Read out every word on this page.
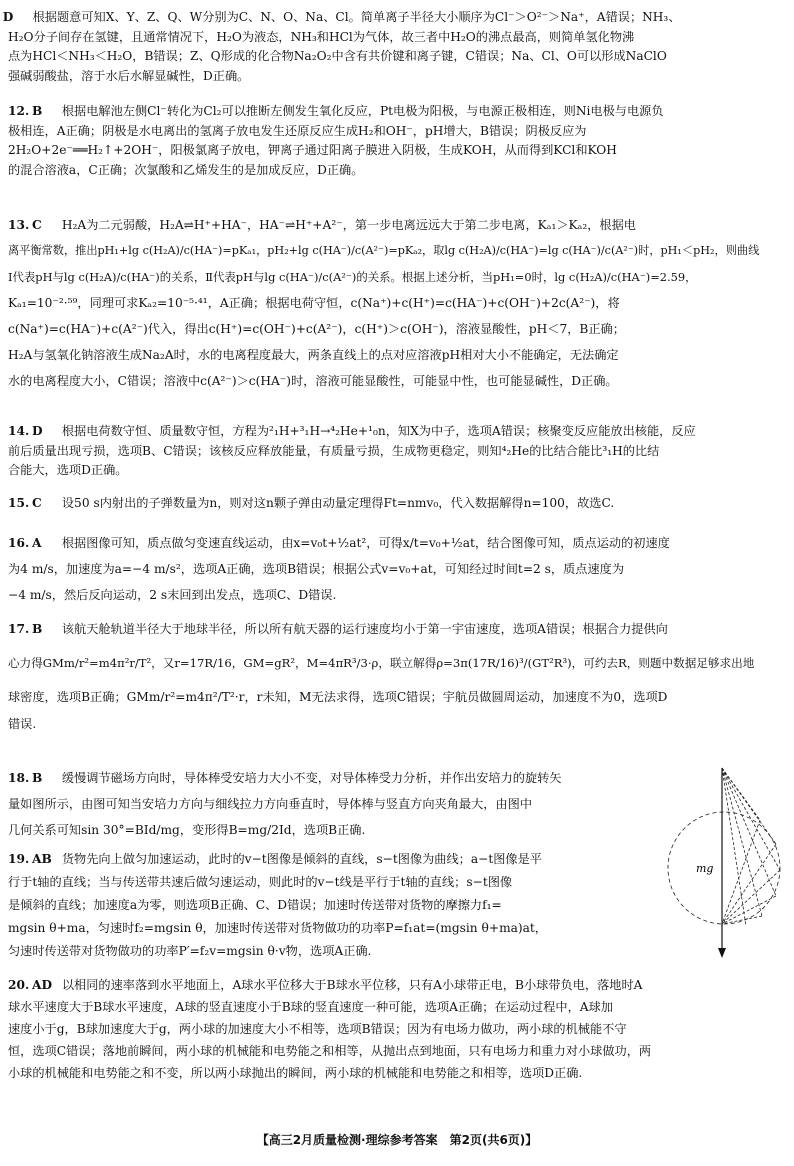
D 根据题意可知X、Y、Z、Q、W分别为C、N、O、Na、Cl。简单离子半径大小顺序为Cl⁻＞O²⁻＞Na⁺，A错误；NH₃、
H₂O分子间存在氢键，且通常情况下，H₂O为液态，NH₃和HCl为气体，故三者中H₂O的沸点最高，则简单氢化物沸
点为HCl＜NH₃＜H₂O，B错误；Z、Q形成的化合物Na₂O₂中含有共价键和离子键，C错误；Na、Cl、O可以形成NaClO
强碱弱酸盐，溶于水后水解显碱性，D正确。
12. B 根据电解池左侧Cl⁻转化为Cl₂可以推断左侧发生氧化反应，Pt电极为阳极，与电源正极相连，则Ni电极与电源负
极相连，A正确；阴极是水电离出的氢离子放电发生还原反应生成H₂和OH⁻，pH增大，B错误；阴极反应为
2H₂O+2e⁻══H₂↑+2OH⁻，阳极氯离子放电，钾离子通过阳离子膜进入阴极，生成KOH，从而得到KCl和KOH
的混合溶液a，C正确；次氯酸和乙烯发生的是加成反应，D正确。
13. C H₂A为二元弱酸，H₂A⇌H⁺+HA⁻，HA⁻⇌H⁺+A²⁻，第一步电离远远大于第二步电离，Kₐ₁＞Kₐ₂，根据电
离平衡常数，推出pH₁+lg c(H₂A)/c(HA⁻)=pKₐ₁，pH₂+lg c(HA⁻)/c(A²⁻)=pKₐ₂，取lg c(H₂A)/c(HA⁻)=lg c(HA⁻)/c(A²⁻)时，pH₁＜pH₂，则曲线
Ⅰ代表pH与lg c(H₂A)/c(HA⁻)的关系，Ⅱ代表pH与lg c(HA⁻)/c(A²⁻)的关系。根据上述分析，当pH₁=0时，lg c(H₂A)/c(HA⁻)=2.59，
Kₐ₁=10⁻²·⁵⁹，同理可求Kₐ₂=10⁻⁵·⁴¹，A正确；根据电荷守恒，c(Na⁺)+c(H⁺)=c(HA⁻)+c(OH⁻)+2c(A²⁻)，将
c(Na⁺)=c(HA⁻)+c(A²⁻)代入，得出c(H⁺)=c(OH⁻)+c(A²⁻)，c(H⁺)＞c(OH⁻)，溶液显酸性，pH＜7，B正确；
H₂A与氢氧化钠溶液生成Na₂A时，水的电离程度最大，两条直线上的点对应溶液pH相对大小不能确定，无法确定
水的电离程度大小，C错误；溶液中c(A²⁻)＞c(HA⁻)时，溶液可能显酸性，可能显中性，也可能显碱性，D正确。
14. D 根据电荷数守恒、质量数守恒，方程为²₁H+³₁H→⁴₂He+¹₀n，知X为中子，选项A错误；核聚变反应能放出核能，反应
前后质量出现亏损，选项B、C错误；该核反应释放能量，有质量亏损，生成物更稳定，则知⁴₂He的比结合能比³₁H的比结
合能大，选项D正确。
15. C 设50 s内射出的子弹数量为n，则对这n颗子弹由动量定理得Ft=nmv₀，代入数据解得n=100，故选C.
16. A 根据图像可知，质点做匀变速直线运动，由x=v₀t+½at²，可得x/t=v₀+½at，结合图像可知，质点运动的初速度
为4 m/s，加速度为a=−4 m/s²，选项A正确，选项B错误；根据公式v=v₀+at，可知经过时间t=2 s，质点速度为
−4 m/s，然后反向运动，2 s末回到出发点，选项C、D错误.
17. B 该航天舱轨道半径大于地球半径，所以所有航天器的运行速度均小于第一宇宙速度，选项A错误；根据合力提供向
心力得GMm/r²=m4π²r/T²，又r=17R/16，GM=gR²，M=4πR³/3·ρ，联立解得ρ=3π(17R/16)³/(GT²R³)，可约去R，则题中数据足够求出地
球密度，选项B正确；GMm/r²=m4π²/T²·r，r未知，M无法求得，选项C错误；宇航员做圆周运动，加速度不为0，选项D
错误.
18. B 缓慢调节磁场方向时，导体棒受安培力大小不变，对导体棒受力分析，并作出安培力的旋转矢
量如图所示，由图可知当安培力方向与细线拉力方向垂直时，导体棒与竖直方向夹角最大，由图中
几何关系可知sin 30°=BId/mg，变形得B=mg/2Id，选项B正确.
19. AB 货物先向上做匀加速运动，此时的v−t图像是倾斜的直线，s−t图像为曲线；a−t图像是平
行于t轴的直线；当与传送带共速后做匀速运动，则此时的v−t线是平行于t轴的直线；s−t图像
是倾斜的直线；加速度a为零，则选项B正确、C、D错误；加速时传送带对货物的摩擦力f₁=
mgsin θ+ma，匀速时f₂=mgsin θ，加速时传送带对货物做功的功率P=f₁at=(mgsin θ+ma)at，
匀速时传送带对货物做功的功率P′=f₂v=mgsin θ·v物，选项A正确.
20. AD 以相同的速率落到水平地面上，A球水平位移大于B球水平位移，只有A小球带正电，B小球带负电，落地时A
球水平速度大于B球水平速度，A球的竖直速度小于B球的竖直速度一种可能，选项A正确；在运动过程中，A球加
速度小于g，B球加速度大于g，两小球的加速度大小不相等，选项B错误；因为有电场力做功，两小球的机械能不守
恒，选项C错误；落地前瞬间，两小球的机械能和电势能之和相等，从抛出点到地面，只有电场力和重力对小球做功，两
小球的机械能和电势能之和不变，所以两小球抛出的瞬间，两小球的机械能和电势能之和相等，选项D正确.
mg
【高三2月质量检测·理综参考答案　第2页(共6页)】
